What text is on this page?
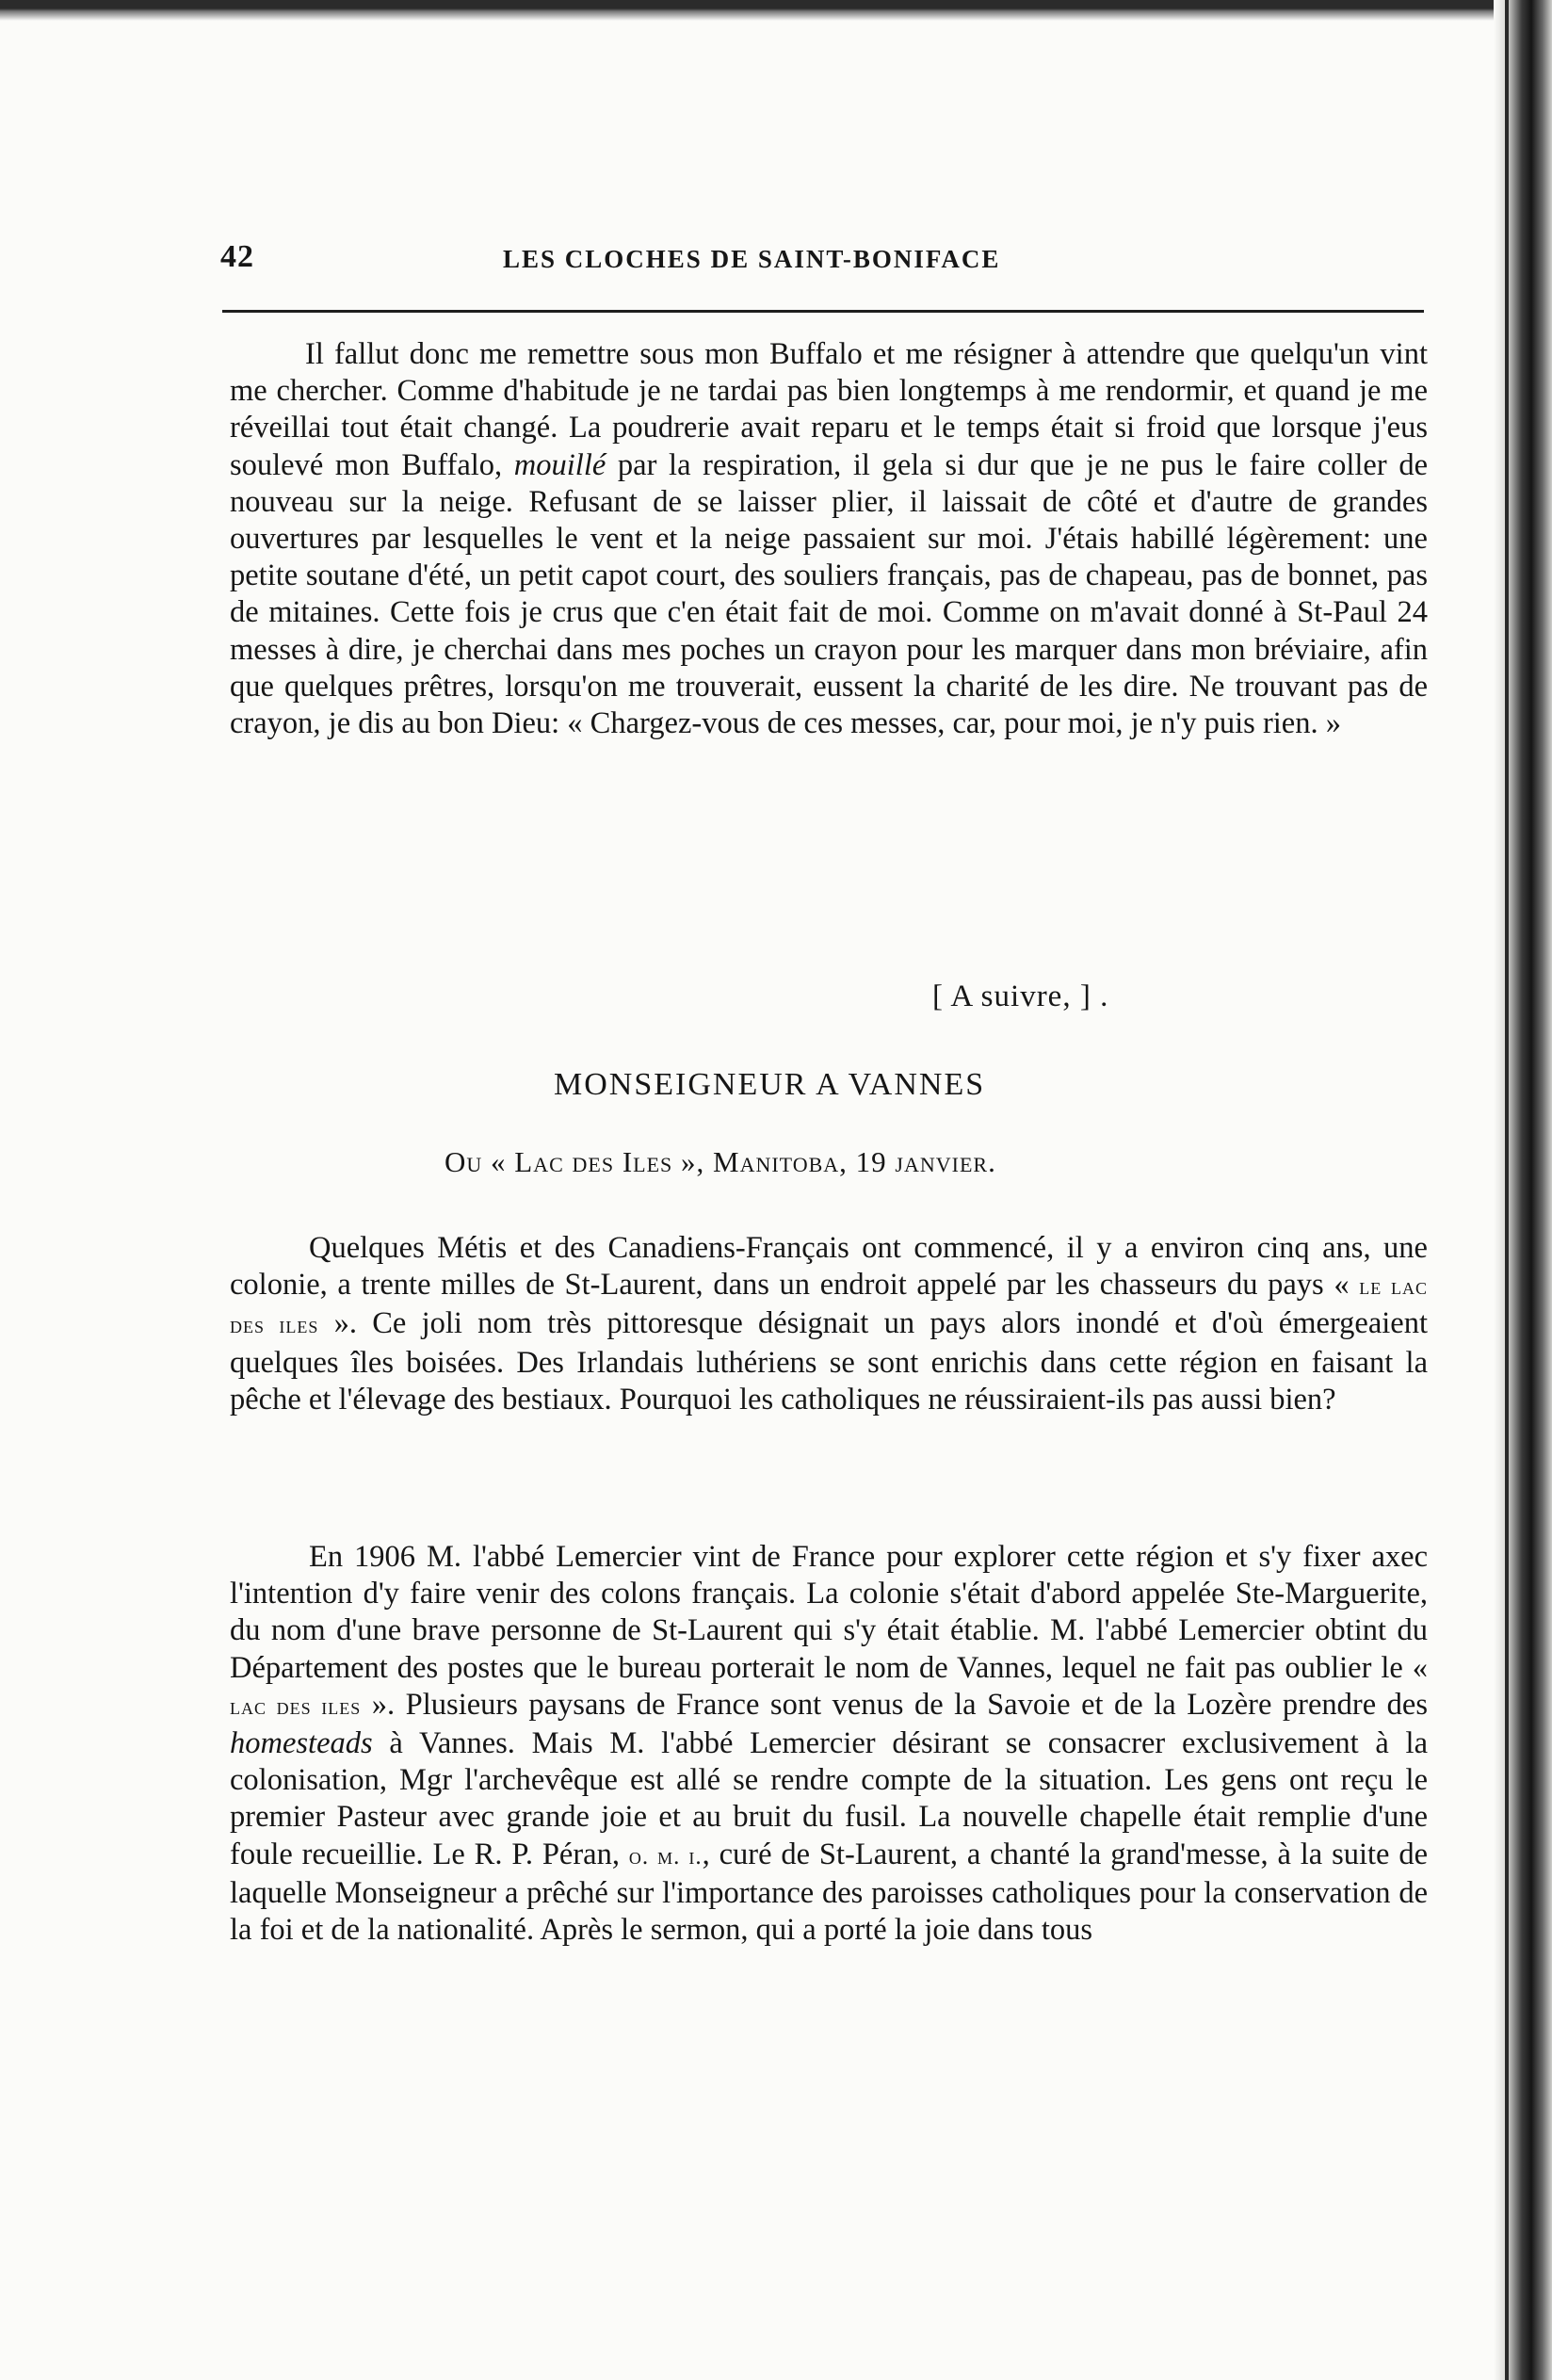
42	LES CLOCHES DE SAINT-BONIFACE

Il fallut donc me remettre sous mon Buffalo et me résigner à attendre que quelqu'un vint me chercher. Comme d'habitude je ne tardai pas bien longtemps à me rendormir, et quand je me réveillai tout était changé. La poudrerie avait reparu et le temps était si froid que lorsque j'eus soulevé mon Buffalo, mouillé par la respiration, il gela si dur que je ne pus le faire coller de nouveau sur la neige. Refusant de se laisser plier, il laissait de côté et d'autre de grandes ouvertures par lesquelles le vent et la neige passaient sur moi. J'étais habillé légèrement: une petite soutane d'été, un petit capot court, des souliers français, pas de chapeau, pas de bonnet, pas de mitaines. Cette fois je crus que c'en était fait de moi. Comme on m'avait donné à St-Paul 24 messes à dire, je cherchai dans mes poches un crayon pour les marquer dans mon bréviaire, afin que quelques prêtres, lorsqu'on me trouverait, eussent la charité de les dire. Ne trouvant pas de crayon, je dis au bon Dieu: « Chargez-vous de ces messes, car, pour moi, je n'y puis rien. »

[ A suivre, ] .
MONSEIGNEUR A VANNES
Ou « Lac des Iles », Manitoba, 19 janvier.

Quelques Métis et des Canadiens-Français ont commencé, il y a environ cinq ans, une colonie, a trente milles de St-Laurent, dans un endroit appelé par les chasseurs du pays « le lac des iles ». Ce joli nom très pittoresque désignait un pays alors inondé et d'où émergeaient quelques îles boisées. Des Irlandais luthériens se sont enrichis dans cette région en faisant la pêche et l'élevage des bestiaux. Pourquoi les catholiques ne réussiraient-ils pas aussi bien?

En 1906 M. l'abbé Lemercier vint de France pour explorer cette région et s'y fixer axec l'intention d'y faire venir des colons français. La colonie s'était d'abord appelée Ste-Marguerite, du nom d'une brave personne de St-Laurent qui s'y était établie. M. l'abbé Lemercier obtint du Département des postes que le bureau porterait le nom de Vannes, lequel ne fait pas oublier le « lac des iles ». Plusieurs paysans de France sont venus de la Savoie et de la Lozère prendre des homesteads à Vannes. Mais M. l'abbé Lemercier désirant se consacrer exclusivement à la colonisation, Mgr l'archevêque est allé se rendre compte de la situation. Les gens ont reçu le premier Pasteur avec grande joie et au bruit du fusil. La nouvelle chapelle était remplie d'une foule recueillie. Le R. P. Péran, o. m. i., curé de St-Laurent, a chanté la grand'messe, à la suite de laquelle Monseigneur a prêché sur l'importance des paroisses catholiques pour la conservation de la foi et de la nationalité. Après le sermon, qui a porté la joie dans tous
